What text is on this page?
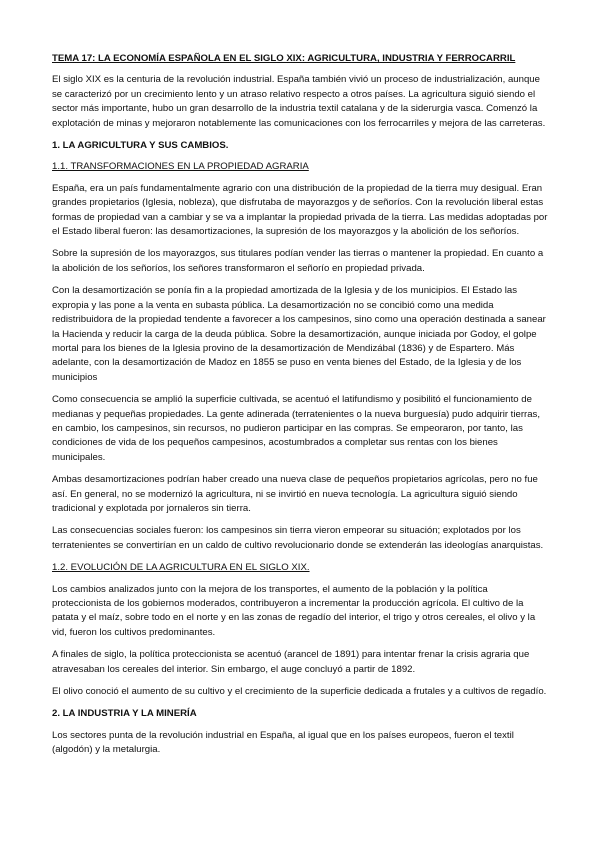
TEMA 17: LA ECONOMÍA ESPAÑOLA EN EL SIGLO XIX: AGRICULTURA, INDUSTRIA Y FERROCARRIL

El siglo XIX es la centuria de la revolución industrial. España también vivió un proceso de industrialización, aunque se caracterizó por un crecimiento lento y un atraso relativo respecto a otros países. La agricultura siguió siendo el sector más importante, hubo un gran desarrollo de la industria textil catalana y de la siderurgia vasca. Comenzó la explotación de minas y mejoraron notablemente las comunicaciones con los ferrocarriles y mejora de las carreteras.

1. LA AGRICULTURA Y SUS CAMBIOS.
1.1. TRANSFORMACIONES EN LA PROPIEDAD AGRARIA

España, era un país fundamentalmente agrario con una distribución de la propiedad de la tierra muy desigual. Eran grandes propietarios (Iglesia, nobleza), que disfrutaba de mayorazgos y de señoríos. Con la revolución liberal estas formas de propiedad van a cambiar y se va a implantar la propiedad privada de la tierra. Las medidas adoptadas por el Estado liberal fueron: las desamortizaciones, la supresión de los mayorazgos y la abolición de los señoríos.

Sobre la supresión de los mayorazgos, sus titulares podían vender las tierras o mantener la propiedad. En cuanto a la abolición de los señoríos, los señores transformaron el señorío en propiedad privada.

Con la desamortización se ponía fin a la propiedad amortizada de la Iglesia y de los municipios. El Estado las expropia y las pone a la venta en subasta pública. La desamortización no se concibió como una medida redistribuidora de la propiedad tendente a favorecer a los campesinos, sino como una operación destinada a sanear la Hacienda y reducir la carga de la deuda pública. Sobre la desamortización, aunque iniciada por Godoy, el golpe mortal para los bienes de la Iglesia provino de la desamortización de Mendizábal (1836) y de Espartero. Más adelante, con la desamortización de Madoz en 1855 se puso en venta bienes del Estado, de la Iglesia y de los municipios

Como consecuencia se amplió la superficie cultivada, se acentuó el latifundismo y posibilitó el funcionamiento de medianas y pequeñas propiedades. La gente adinerada (terratenientes o la nueva burguesía) pudo adquirir tierras, en cambio, los campesinos, sin recursos, no pudieron participar en las compras. Se empeoraron, por tanto, las condiciones de vida de los pequeños campesinos, acostumbrados a completar sus rentas con los bienes municipales.

Ambas desamortizaciones podrían haber creado una nueva clase de pequeños propietarios agrícolas, pero no fue así. En general, no se modernizó la agricultura, ni se invirtió en nueva tecnología. La agricultura siguió siendo tradicional y explotada por jornaleros sin tierra.

Las consecuencias sociales fueron: los campesinos sin tierra vieron empeorar su situación; explotados por los terratenientes se convertirían en un caldo de cultivo revolucionario donde se extenderán las ideologías anarquistas.

1.2. EVOLUCIÓN DE LA AGRICULTURA EN EL SIGLO XIX.

Los cambios analizados junto con la mejora de los transportes, el aumento de la población y la política proteccionista de los gobiernos moderados, contribuyeron a incrementar la producción agrícola. El cultivo de la patata y el maíz, sobre todo en el norte y en las zonas de regadío del interior, el trigo y otros cereales, el olivo y la vid, fueron los cultivos predominantes.

A finales de siglo, la política proteccionista se acentuó (arancel de 1891) para intentar frenar la crisis agraria que atravesaban los cereales del interior. Sin embargo, el auge concluyó a partir de 1892.

El olivo conoció el aumento de su cultivo y el crecimiento de la superficie dedicada a frutales y a cultivos de regadío.

2. LA INDUSTRIA Y LA MINERÍA

Los sectores punta de la revolución industrial en España, al igual que en los países europeos, fueron el textil (algodón) y la metalurgia.
